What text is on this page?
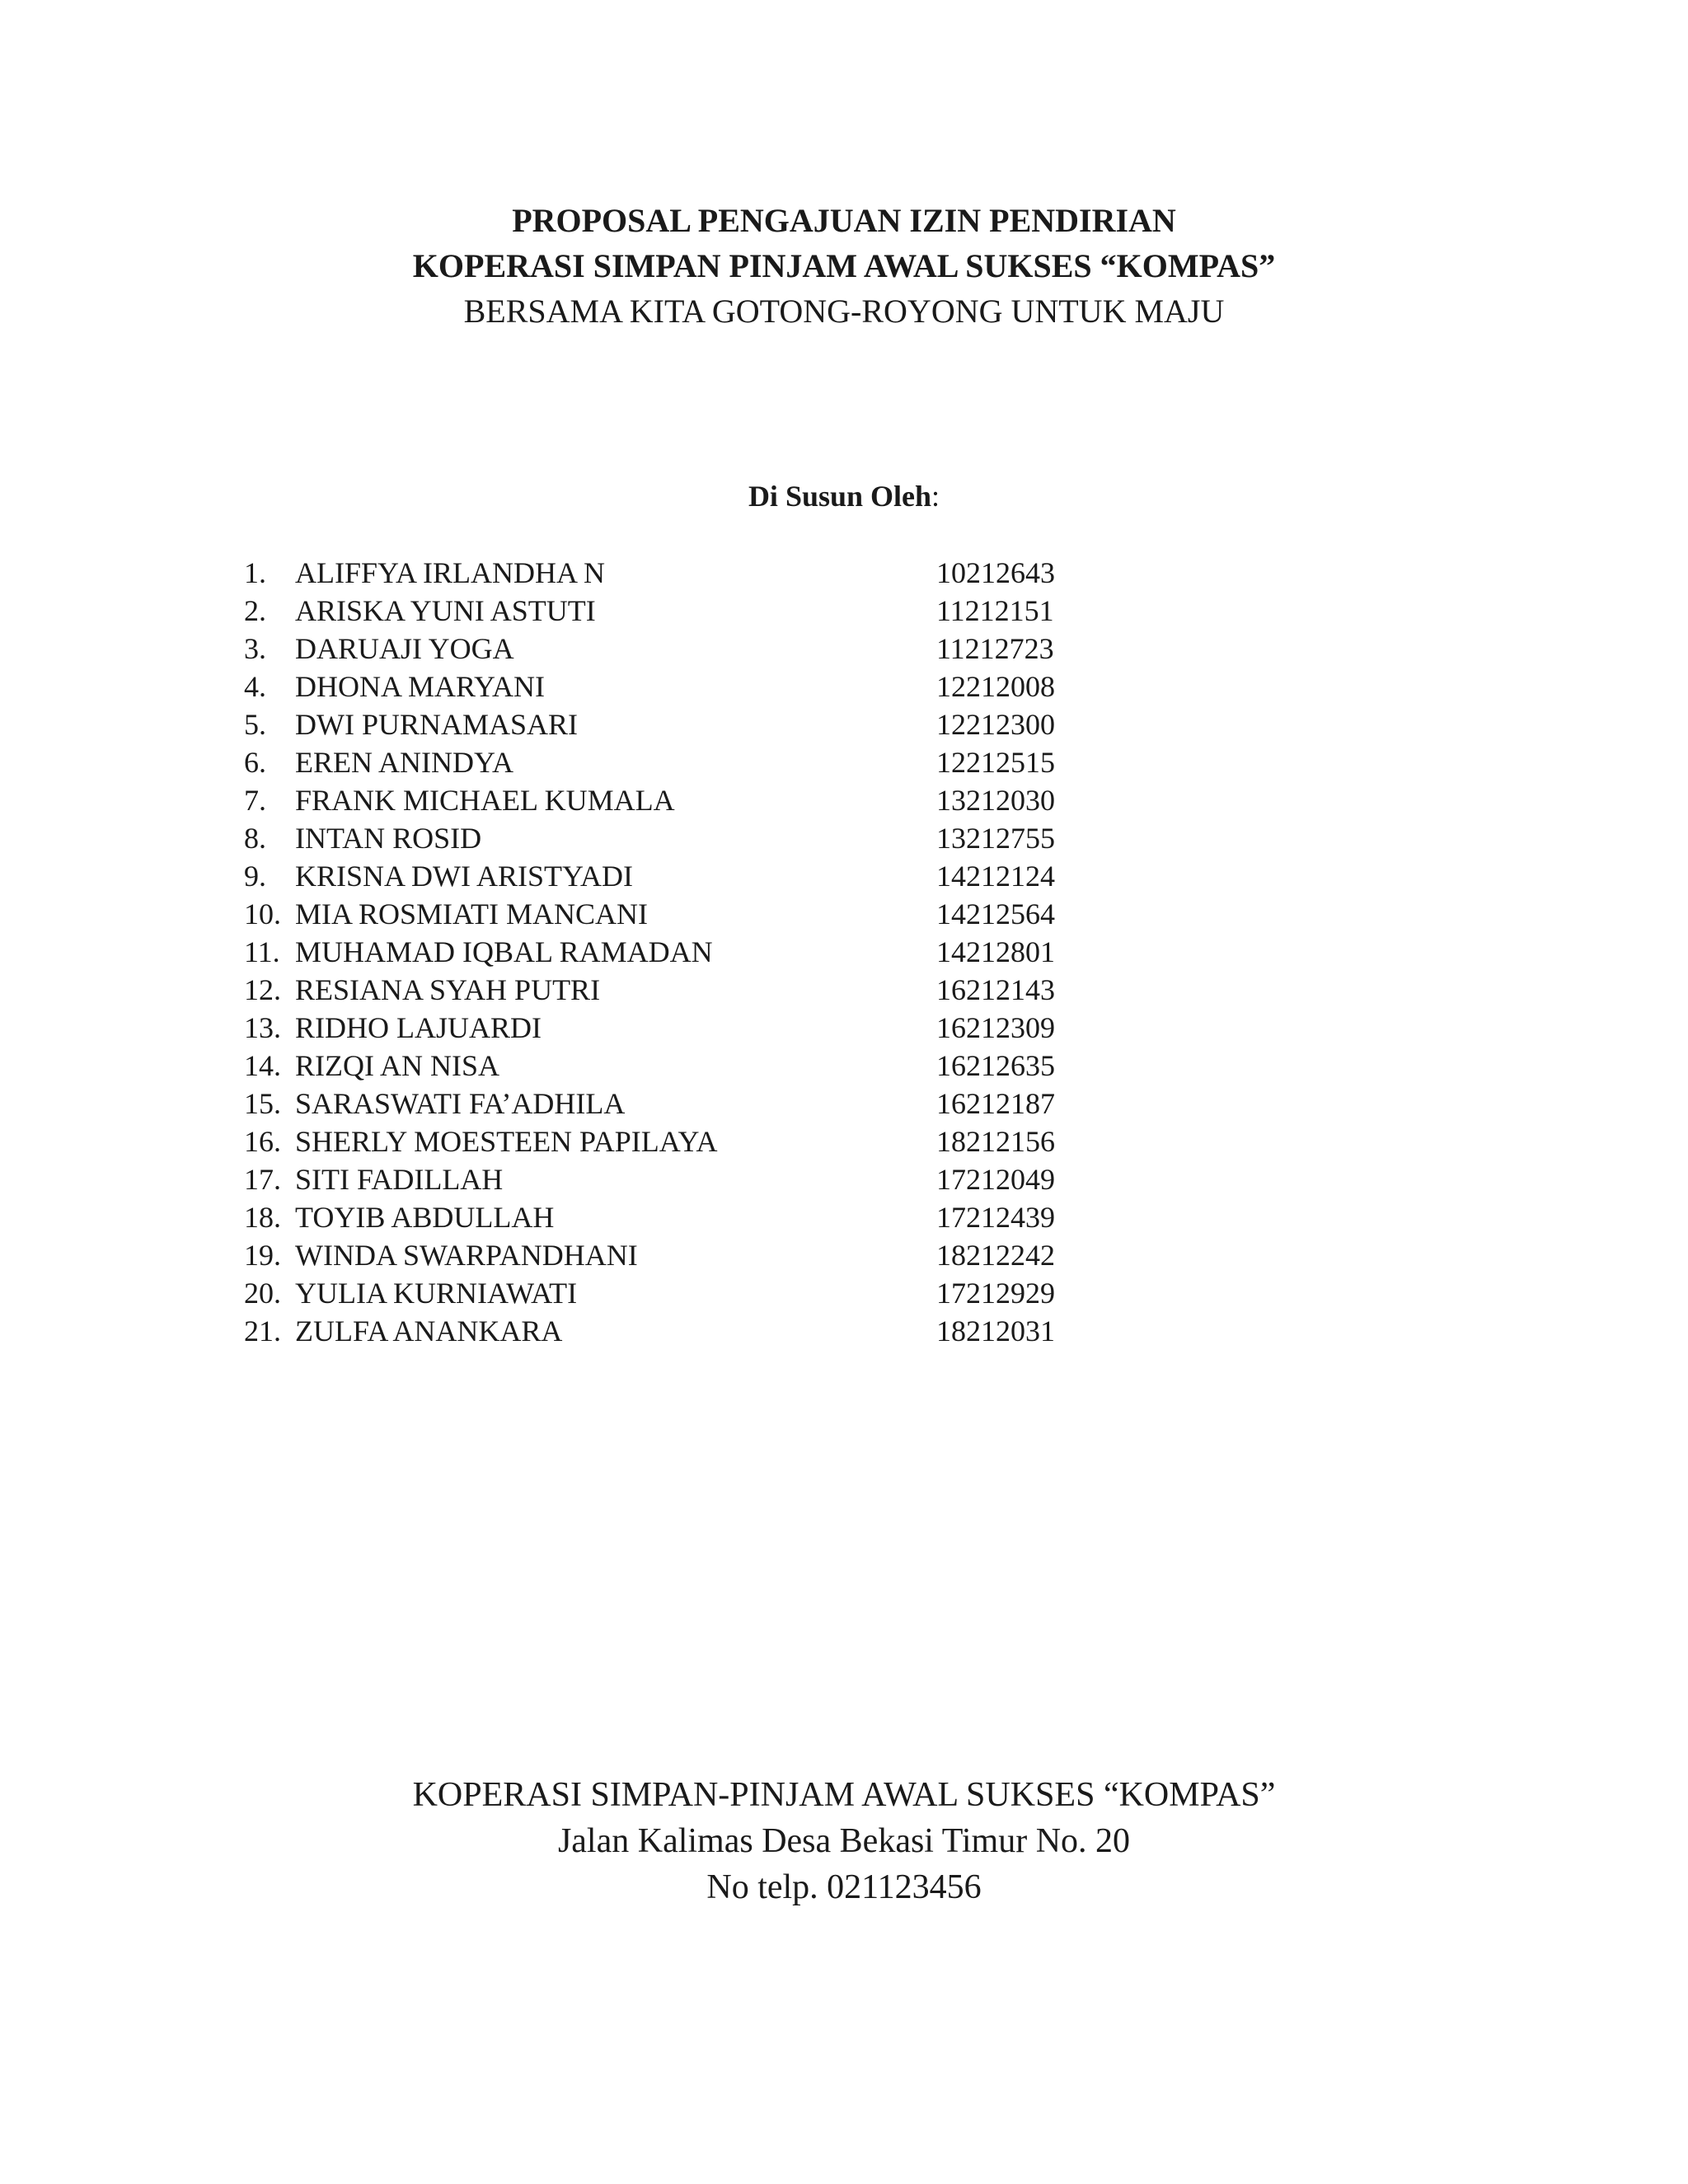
PROPOSAL PENGAJUAN IZIN PENDIRIAN
KOPERASI SIMPAN PINJAM AWAL SUKSES “KOMPAS”
BERSAMA KITA GOTONG-ROYONG UNTUK MAJU
Di Susun Oleh:
1. ALIFFYA IRLANDHA N	10212643
2. ARISKA YUNI ASTUTI	11212151
3. DARUAJI YOGA	11212723
4. DHONA MARYANI	12212008
5. DWI PURNAMASARI	12212300
6. EREN ANINDYA	12212515
7. FRANK MICHAEL KUMALA	13212030
8. INTAN ROSID	13212755
9. KRISNA DWI ARISTYADI	14212124
10. MIA ROSMIATI MANCANI	14212564
11. MUHAMAD IQBAL RAMADAN	14212801
12. RESIANA SYAH PUTRI	16212143
13. RIDHO LAJUARDI	16212309
14. RIZQI AN NISA	16212635
15. SARASWATI FA’ADHILA	16212187
16. SHERLY MOESTEEN PAPILAYA	18212156
17. SITI FADILLAH	17212049
18. TOYIB ABDULLAH	17212439
19. WINDA SWARPANDHANI	18212242
20. YULIA KURNIAWATI	17212929
21. ZULFA ANANKARA	18212031
KOPERASI SIMPAN-PINJAM AWAL SUKSES “KOMPAS”
Jalan Kalimas Desa Bekasi Timur No. 20
No telp. 021123456
